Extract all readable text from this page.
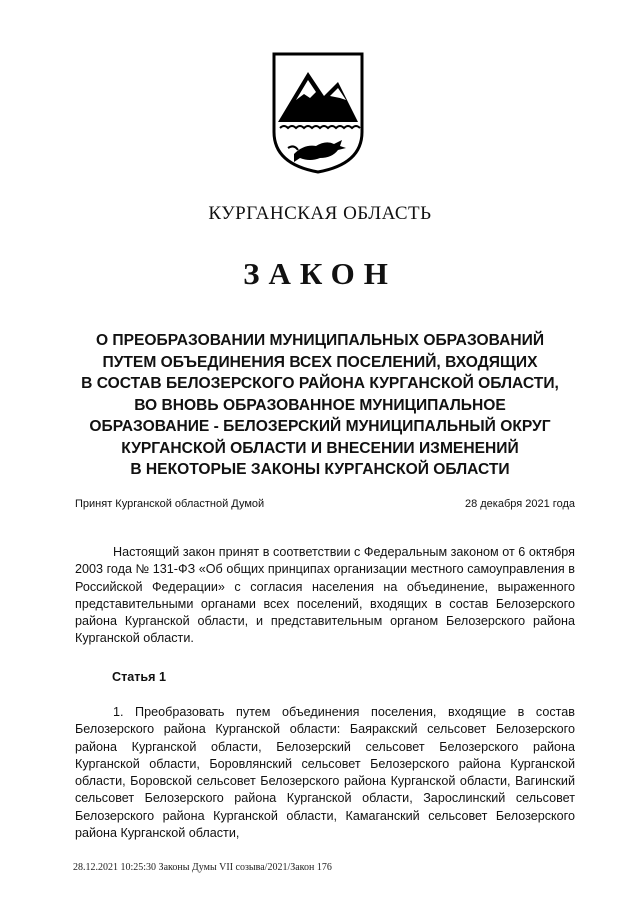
КУРГАНСКАЯ ОБЛАСТЬ
ЗАКОН
О ПРЕОБРАЗОВАНИИ МУНИЦИПАЛЬНЫХ ОБРАЗОВАНИЙ
ПУТЕМ ОБЪЕДИНЕНИЯ ВСЕХ ПОСЕЛЕНИЙ, ВХОДЯЩИХ
В СОСТАВ БЕЛОЗЕРСКОГО РАЙОНА КУРГАНСКОЙ ОБЛАСТИ,
ВО ВНОВЬ ОБРАЗОВАННОЕ МУНИЦИПАЛЬНОЕ
ОБРАЗОВАНИЕ - БЕЛОЗЕРСКИЙ МУНИЦИПАЛЬНЫЙ ОКРУГ
КУРГАНСКОЙ ОБЛАСТИ И ВНЕСЕНИИ ИЗМЕНЕНИЙ
В НЕКОТОРЫЕ ЗАКОНЫ КУРГАНСКОЙ ОБЛАСТИ
Принят Курганской областной Думой	28 декабря 2021 года
Настоящий закон принят в соответствии с Федеральным законом от 6 октября 2003 года № 131-ФЗ «Об общих принципах организации местного самоуправления в Российской Федерации» с согласия населения на объединение, выраженного представительными органами всех поселений, входящих в состав Белозерского района Курганской области, и представительным органом Белозерского района Курганской области.
Статья 1
1. Преобразовать путем объединения поселения, входящие в состав Белозерского района Курганской области: Баяракский сельсовет Белозерского района Курганской области, Белозерский сельсовет Белозерского района Курганской области, Боровлянский сельсовет Белозерского района Курганской области, Боровской сельсовет Белозерского района Курганской области, Вагинский сельсовет Белозерского района Курганской области, Зарослинский сельсовет Белозерского района Курганской области, Камаганский сельсовет Белозерского района Курганской области,
28.12.2021 10:25:30 Законы Думы VII созыва/2021/Закон 176
